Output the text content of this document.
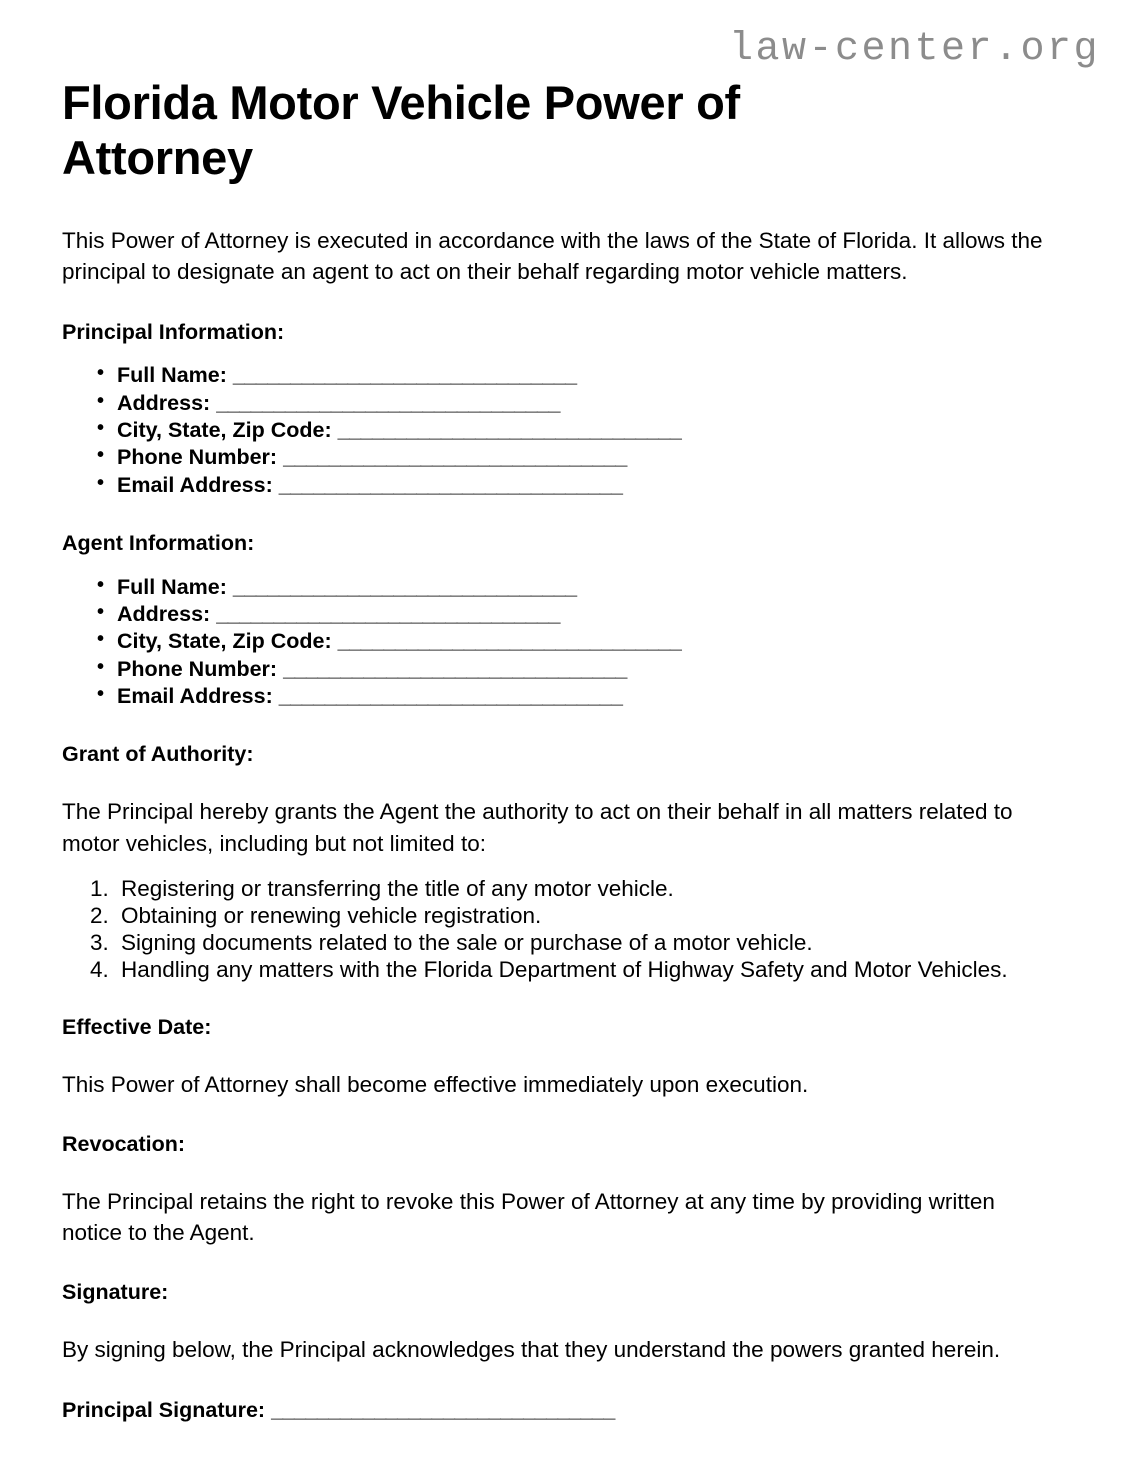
law-center.org
Florida Motor Vehicle Power of Attorney

This Power of Attorney is executed in accordance with the laws of the State of Florida. It allows the principal to designate an agent to act on their behalf regarding motor vehicle matters.

Principal Information:
• Full Name: ______________________________
• Address: ______________________________
• City, State, Zip Code: ______________________________
• Phone Number: ______________________________
• Email Address: ______________________________
Agent Information:
• Full Name: ______________________________
• Address: ______________________________
• City, State, Zip Code: ______________________________
• Phone Number: ______________________________
• Email Address: ______________________________
Grant of Authority:

The Principal hereby grants the Agent the authority to act on their behalf in all matters related to motor vehicles, including but not limited to:

Registering or transferring the title of any motor vehicle.
Obtaining or renewing vehicle registration.
Signing documents related to the sale or purchase of a motor vehicle.
Handling any matters with the Florida Department of Highway Safety and Motor Vehicles.
Effective Date:

This Power of Attorney shall become effective immediately upon execution.

Revocation:

The Principal retains the right to revoke this Power of Attorney at any time by providing written notice to the Agent.

Signature:

By signing below, the Principal acknowledges that they understand the powers granted herein.

Principal Signature: ______________________________
